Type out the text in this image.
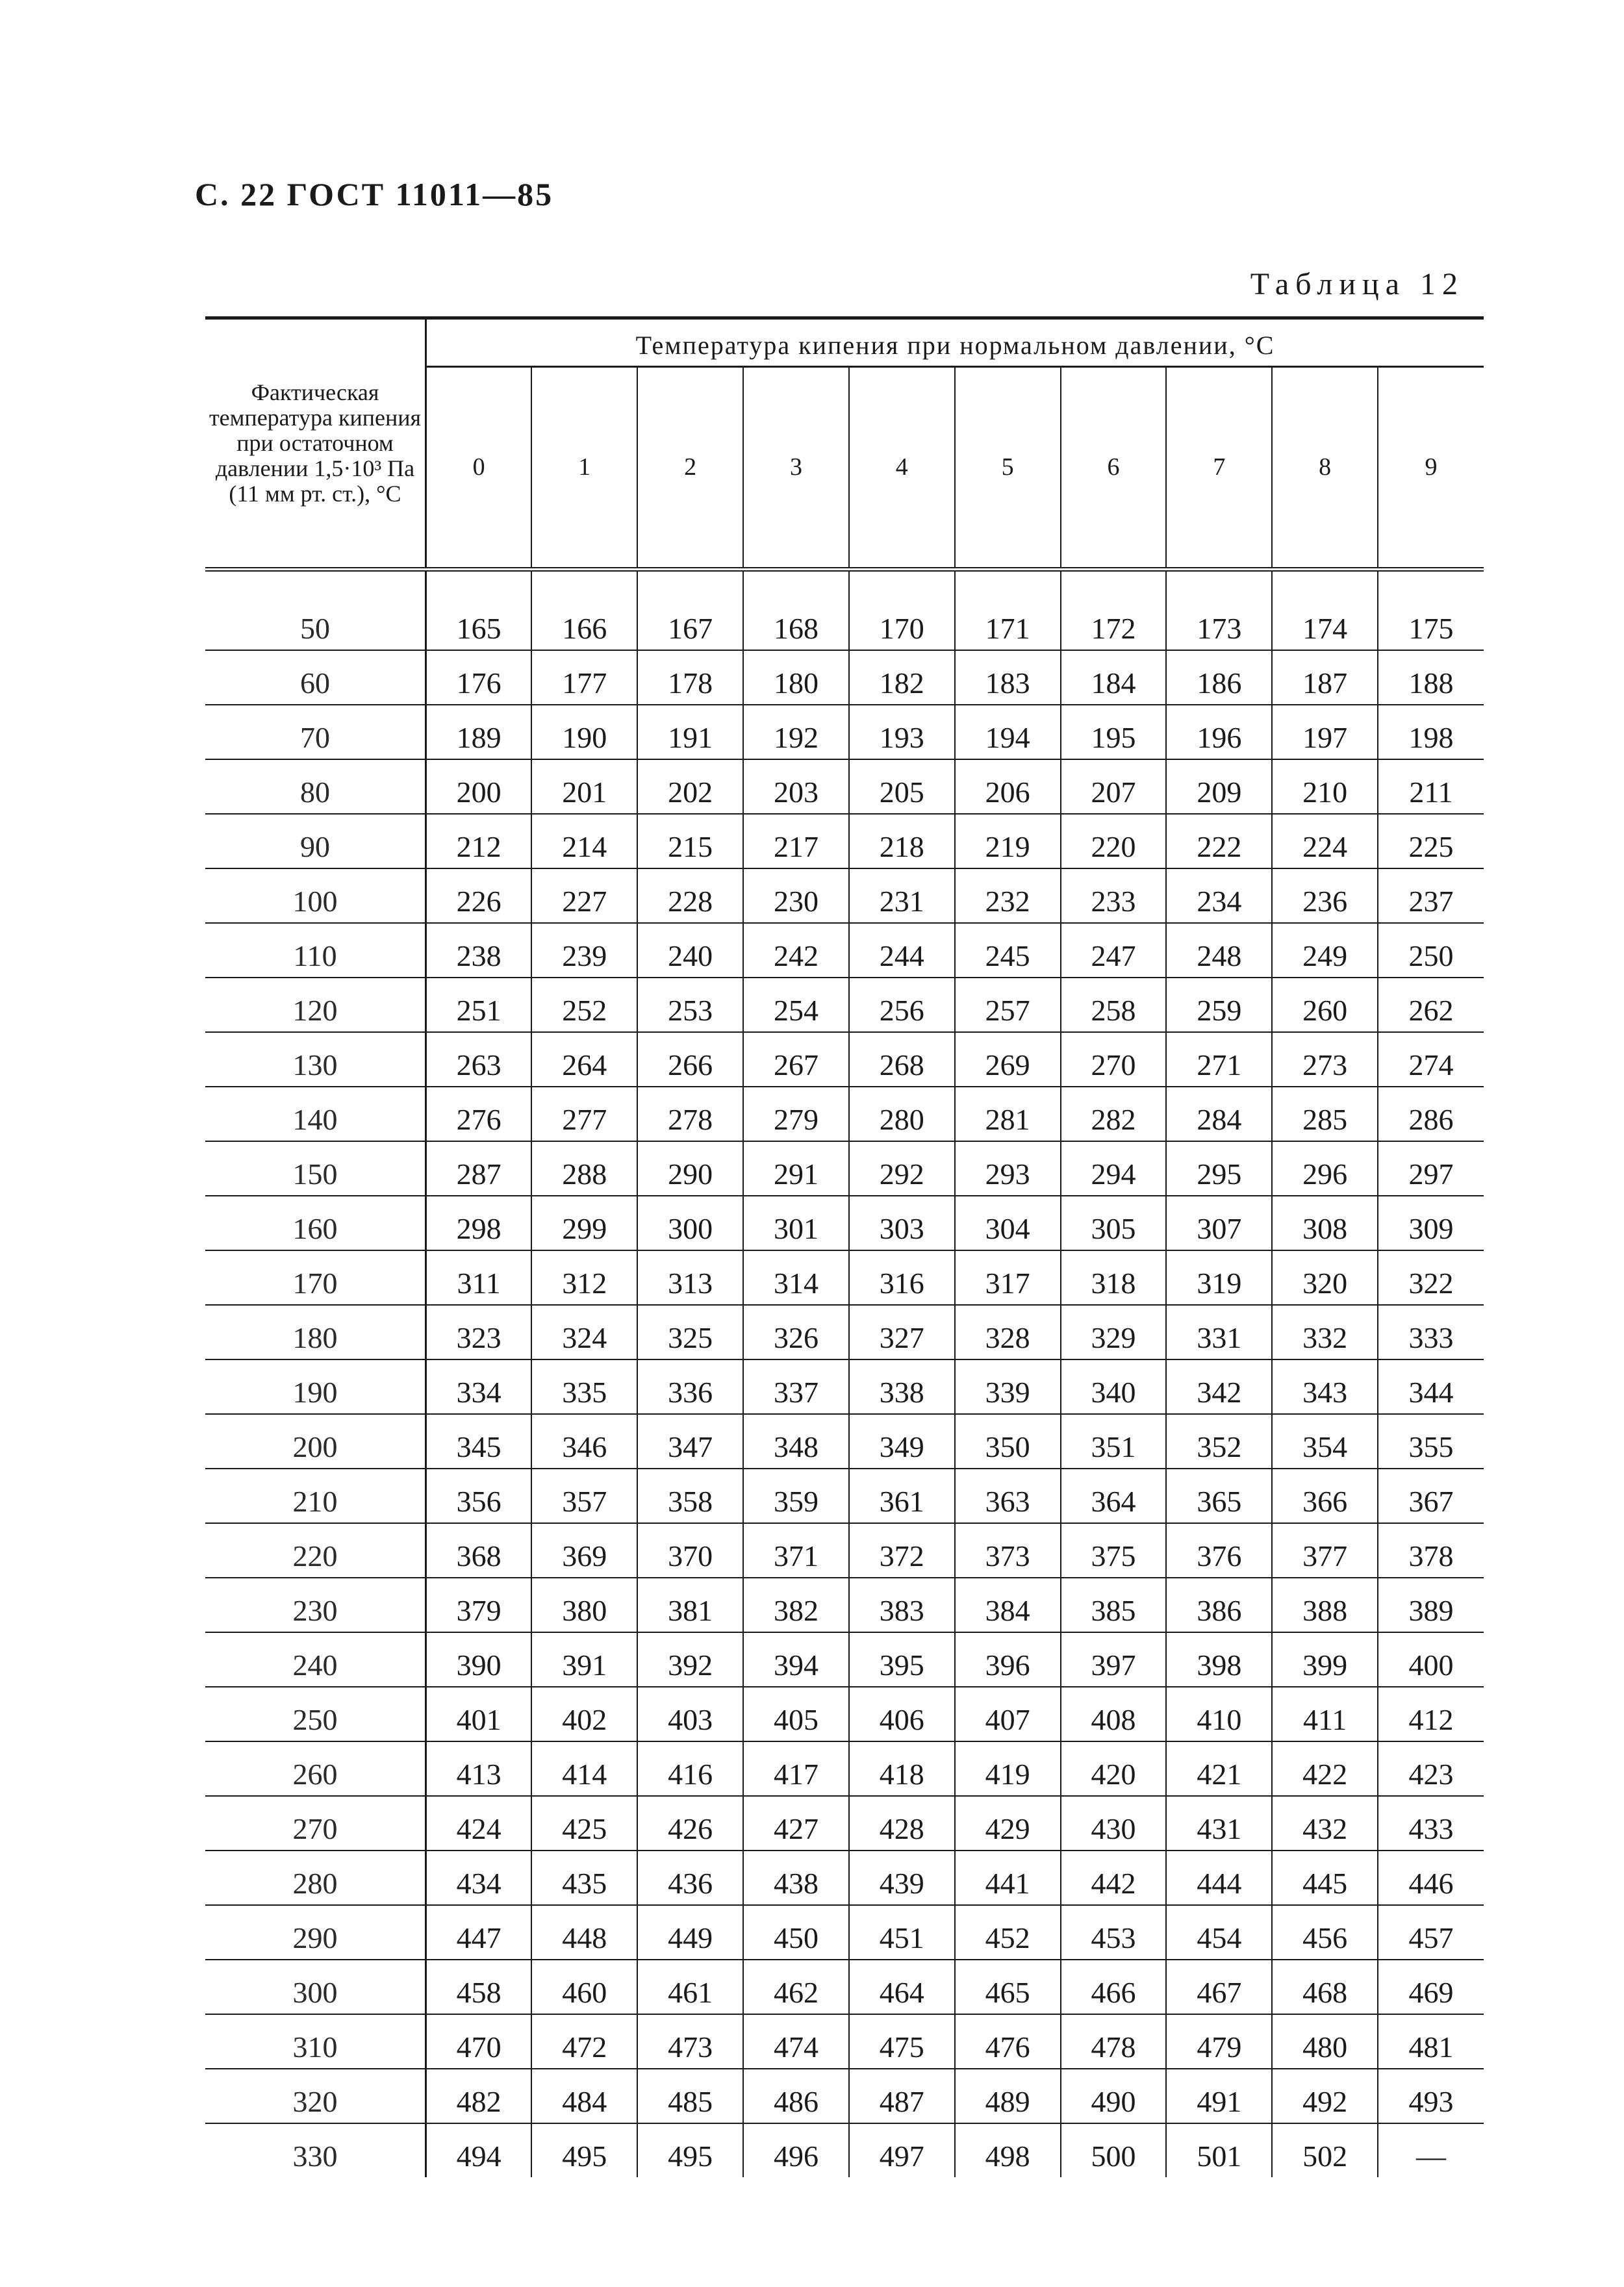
С. 22 ГОСТ 11011—85
Таблица 12
Фактическая температура кипения при остаточном давлении 1,5·10³ Па (11 мм рт. ст.), °С	Температура кипения при нормальном давлении, °С									
	0	1	2	3	4	5	6	7	8	9
50	165	166	167	168	170	171	172	173	174	175
60	176	177	178	180	182	183	184	186	187	188
70	189	190	191	192	193	194	195	196	197	198
80	200	201	202	203	205	206	207	209	210	211
90	212	214	215	217	218	219	220	222	224	225
100	226	227	228	230	231	232	233	234	236	237
110	238	239	240	242	244	245	247	248	249	250
120	251	252	253	254	256	257	258	259	260	262
130	263	264	266	267	268	269	270	271	273	274
140	276	277	278	279	280	281	282	284	285	286
150	287	288	290	291	292	293	294	295	296	297
160	298	299	300	301	303	304	305	307	308	309
170	311	312	313	314	316	317	318	319	320	322
180	323	324	325	326	327	328	329	331	332	333
190	334	335	336	337	338	339	340	342	343	344
200	345	346	347	348	349	350	351	352	354	355
210	356	357	358	359	361	363	364	365	366	367
220	368	369	370	371	372	373	375	376	377	378
230	379	380	381	382	383	384	385	386	388	389
240	390	391	392	394	395	396	397	398	399	400
250	401	402	403	405	406	407	408	410	411	412
260	413	414	416	417	418	419	420	421	422	423
270	424	425	426	427	428	429	430	431	432	433
280	434	435	436	438	439	441	442	444	445	446
290	447	448	449	450	451	452	453	454	456	457
300	458	460	461	462	464	465	466	467	468	469
310	470	472	473	474	475	476	478	479	480	481
320	482	484	485	486	487	489	490	491	492	493
330	494	495	495	496	497	498	500	501	502	—
